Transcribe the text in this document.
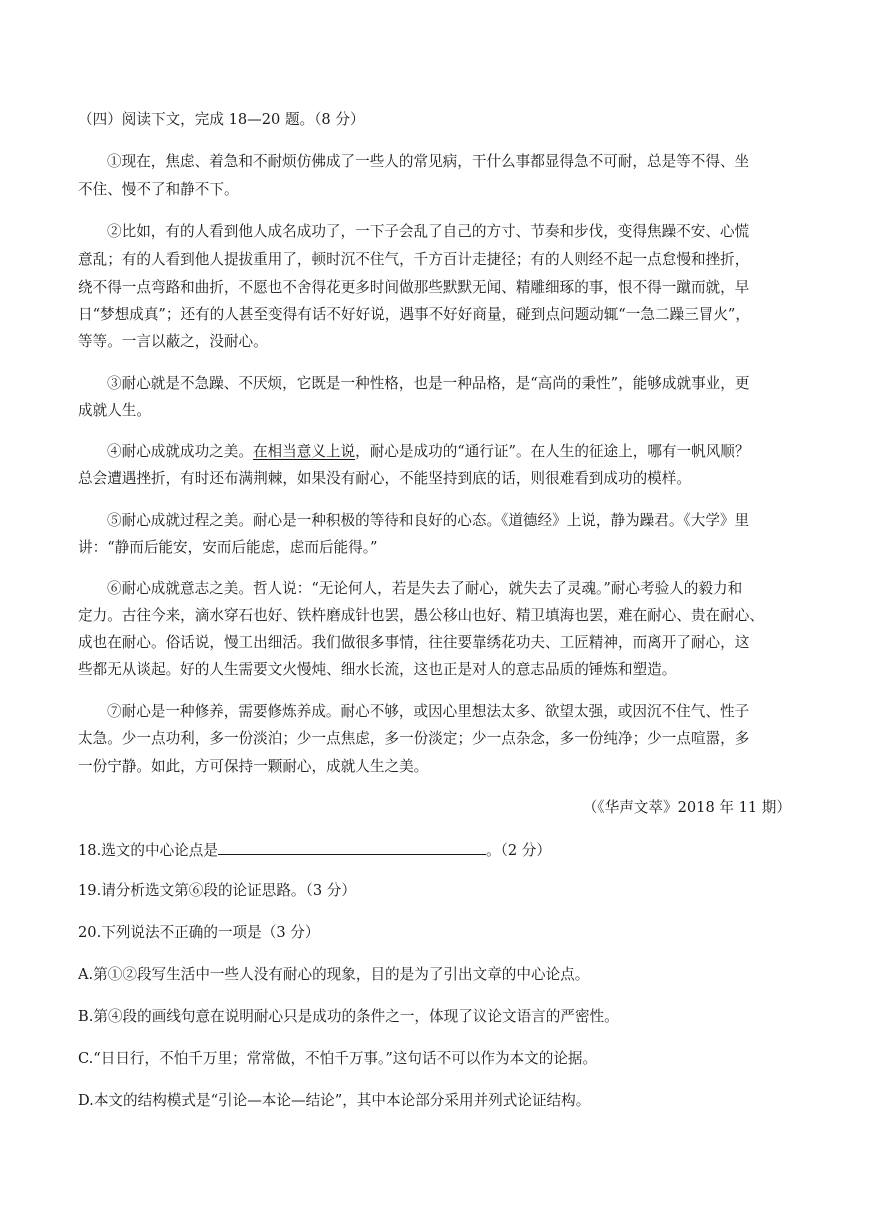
（四）阅读下文，完成 18—20 题。（8 分）
①现在，焦虑、着急和不耐烦仿佛成了一些人的常见病，干什么事都显得急不可耐，总是等不得、坐
不住、慢不了和静不下。
②比如，有的人看到他人成名成功了，一下子会乱了自己的方寸、节奏和步伐，变得焦躁不安、心慌
意乱；有的人看到他人提拔重用了，顿时沉不住气，千方百计走捷径；有的人则经不起一点怠慢和挫折，
绕不得一点弯路和曲折，不愿也不舍得花更多时间做那些默默无闻、精雕细琢的事，恨不得一蹴而就，早
日“梦想成真”；还有的人甚至变得有话不好好说，遇事不好好商量，碰到点问题动辄“一急二躁三冒火”，
等等。一言以蔽之，没耐心。
③耐心就是不急躁、不厌烦，它既是一种性格，也是一种品格，是“高尚的秉性”，能够成就事业，更
成就人生。
④耐心成就成功之美。在相当意义上说，耐心是成功的“通行证”。在人生的征途上，哪有一帆风顺？
总会遭遇挫折，有时还布满荆棘，如果没有耐心，不能坚持到底的话，则很难看到成功的模样。
⑤耐心成就过程之美。耐心是一种积极的等待和良好的心态。《道德经》上说，静为躁君。《大学》里
讲：“静而后能安，安而后能虑，虑而后能得。”
⑥耐心成就意志之美。哲人说：“无论何人，若是失去了耐心，就失去了灵魂。”耐心考验人的毅力和
定力。古往今来，滴水穿石也好、铁杵磨成针也罢，愚公移山也好、精卫填海也罢，难在耐心、贵在耐心、
成也在耐心。俗话说，慢工出细活。我们做很多事情，往往要靠绣花功夫、工匠精神，而离开了耐心，这
些都无从谈起。好的人生需要文火慢炖、细水长流，这也正是对人的意志品质的锤炼和塑造。
⑦耐心是一种修养，需要修炼养成。耐心不够，或因心里想法太多、欲望太强，或因沉不住气、性子
太急。少一点功利，多一份淡泊；少一点焦虑，多一份淡定；少一点杂念，多一份纯净；少一点喧嚣，多
一份宁静。如此，方可保持一颗耐心，成就人生之美。
（《华声文萃》2018 年 11 期）
18.选文的中心论点是	。（2 分）
19.请分析选文第⑥段的论证思路。（3 分）
20.下列说法不正确的一项是（3 分）
A.第①②段写生活中一些人没有耐心的现象，目的是为了引出文章的中心论点。
B.第④段的画线句意在说明耐心只是成功的条件之一，体现了议论文语言的严密性。
C.“日日行，不怕千万里；常常做，不怕千万事。”这句话不可以作为本文的论据。
D.本文的结构模式是“引论—本论—结论”，其中本论部分采用并列式论证结构。
